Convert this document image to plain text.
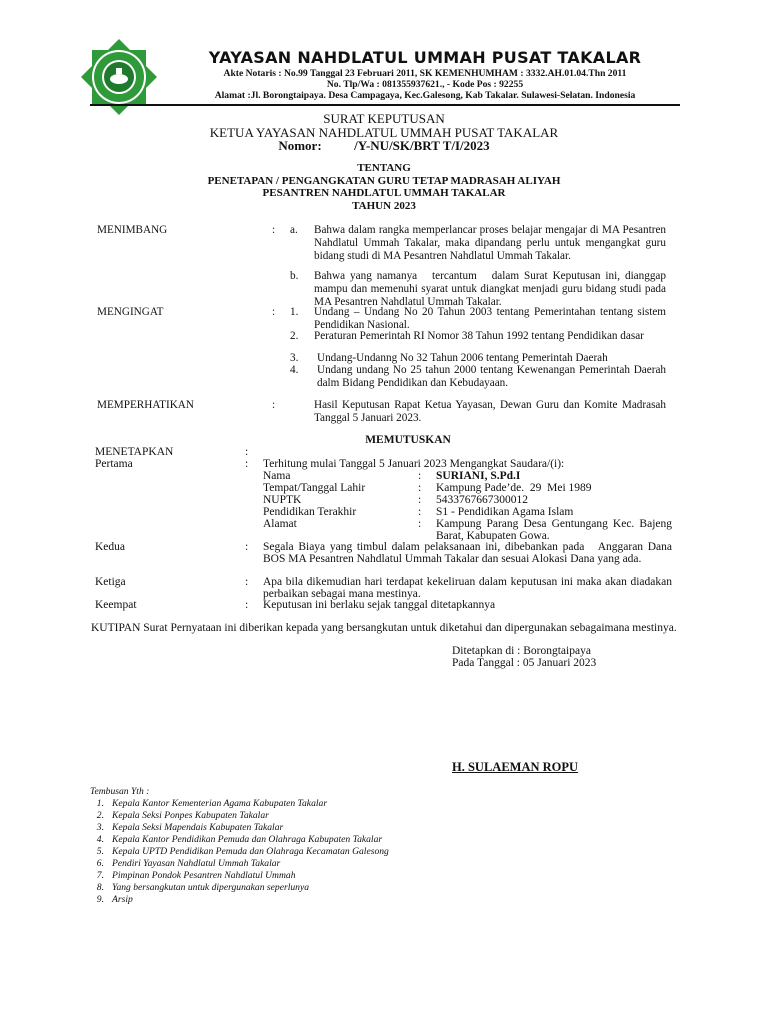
YAYASAN NAHDLATUL UMMAH PUSAT TAKALAR
Akte Notaris : No.99 Tanggal 23 Februari 2011, SK KEMENHUMHAM : 3332.AH.01.04.Thn 2011
No. Tlp/Wa : 081355937621., - Kode Pos : 92255
Alamat :Jl. Borongtaipaya. Desa Campagaya, Kec.Galesong, Kab Takalar. Sulawesi-Selatan. Indonesia
SURAT KEPUTUSAN
KETUA YAYASAN NAHDLATUL UMMAH PUSAT TAKALAR
Nomor:          /Y-NU/SK/BRT T/I/2023
TENTANG
PENETAPAN / PENGANGKATAN GURU TETAP MADRASAH ALIYAH
PESANTREN NAHDLATUL UMMAH TAKALAR
TAHUN 2023
MENIMBANG	: a. Bahwa dalam rangka memperlancar proses belajar mengajar di MA Pesantren Nahdlatul Ummah Takalar, maka dipandang perlu untuk mengangkat guru bidang studi di MA Pesantren Nahdlatul Ummah Takalar.
b. Bahwa yang namanya   tercantum   dalam Surat Keputusan ini, dianggap mampu dan memenuhi syarat untuk diangkat menjadi guru bidang studi pada  MA Pesantren Nahdlatul Ummah Takalar.
MENGINGAT	: 1. Undang – Undang No 20 Tahun 2003 tentang Pemerintahan tentang sistem Pendidikan Nasional.
2. Peraturan Pemerintah RI Nomor 38 Tahun 1992 tentang Pendidikan dasar
3. Undang-Undanng No 32 Tahun 2006 tentang Pemerintah Daerah
4. Undang undang No 25 tahun 2000 tentang Kewenangan Pemerintah Daerah dalm Bidang Pendidikan dan Kebudayaan.
MEMPERHATIKAN	:	Hasil Keputusan Rapat Ketua Yayasan, Dewan Guru dan Komite Madrasah Tanggal 5 Januari 2023.
MEMUTUSKAN
MENETAPKAN	:
Pertama	: Terhitung mulai Tanggal 5 Januari 2023 Mengangkat Saudara/(i):
Nama	: SURIANI, S.Pd.I
Tempat/Tanggal Lahir	: Kampung Pade’de.  29  Mei 1989
NUPTK	: 5433767667300012
Pendidikan Terakhir	: S1 - Pendidikan Agama Islam
Alamat	: Kampung Parang Desa Gentungang Kec. Bajeng Barat, Kabupaten Gowa.
Kedua	: Segala Biaya yang timbul dalam pelaksanaan ini, dibebankan pada   Anggaran Dana BOS MA Pesantren Nahdlatul Ummah Takalar dan sesuai Alokasi Dana yang ada.
Ketiga	: Apa bila dikemudian hari terdapat kekeliruan dalam keputusan ini maka akan diadakan perbaikan sebagai mana mestinya.
Keempat	: Keputusan ini berlaku sejak tanggal ditetapkannya
KUTIPAN Surat Pernyataan ini diberikan kepada yang bersangkutan untuk diketahui dan dipergunakan sebagaimana mestinya.
Ditetapkan di : Borongtaipaya
Pada Tanggal : 05 Januari 2023
H. SULAEMAN ROPU
Tembusan Yth :
1. Kepala Kantor Kementerian Agama Kabupaten Takalar
2. Kepala Seksi Ponpes Kabupaten Takalar
3. Kepala Seksi Mapendais Kabupaten Takalar
4. Kepala Kantor Pendidikan Pemuda dan Olahraga Kabupaten Takalar
5. Kepala UPTD Pendidikan Pemuda dan Olahraga Kecamatan Galesong
6. Pendiri Yayasan Nahdlatul Ummah Takalar
7. Pimpinan Pondok Pesantren Nahdlatul Ummah
8. Yang bersangkutan untuk dipergunakan seperlunya
9. Arsip
